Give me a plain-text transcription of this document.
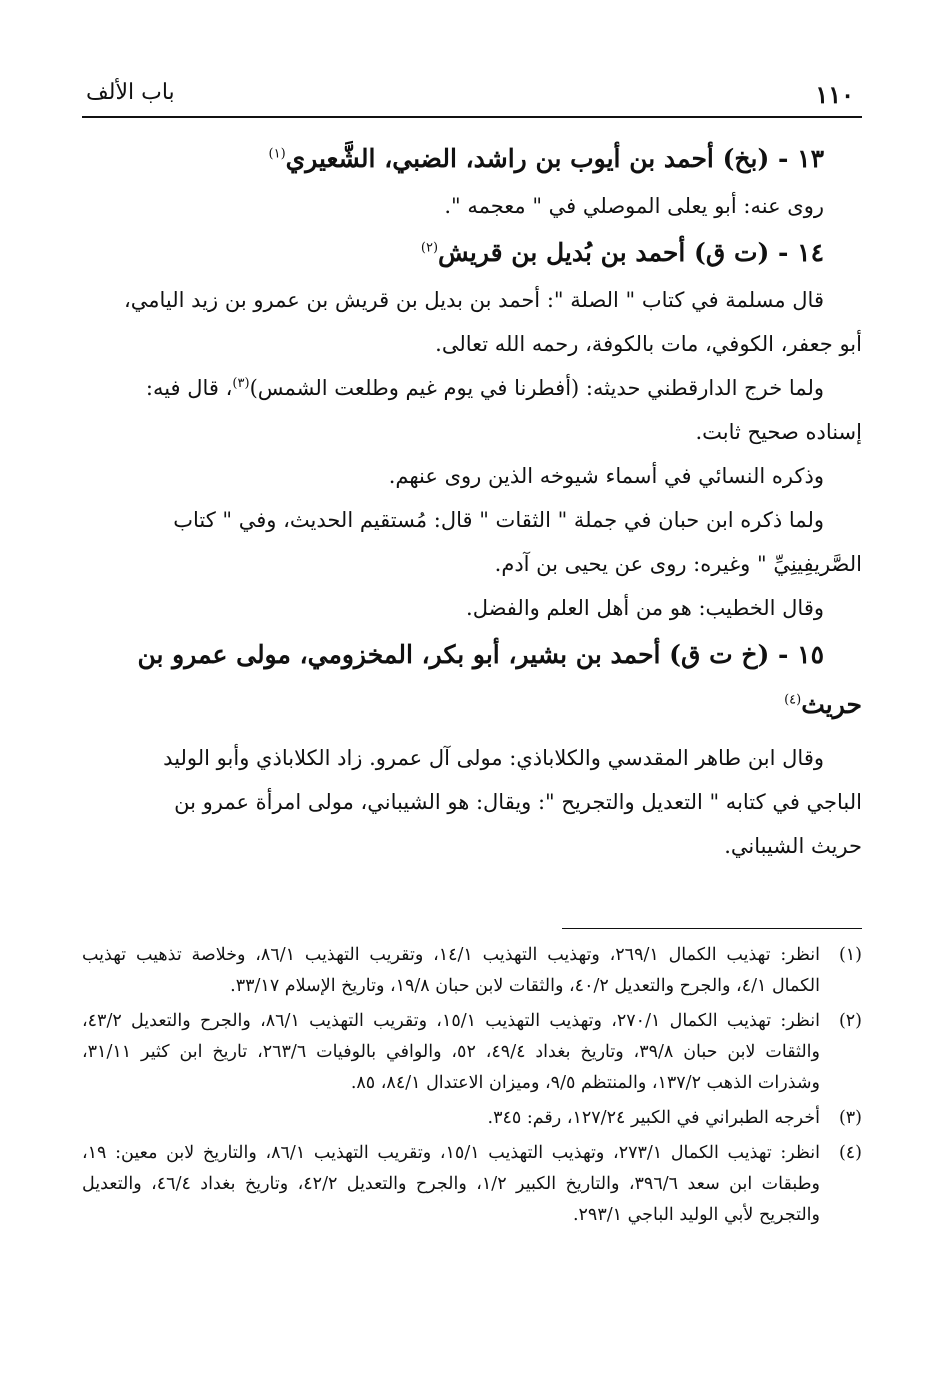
١١٠
باب الألف
١٣ - (بخ) أحمد بن أيوب بن راشد، الضبي، الشَّعيري$^{(١)}$
روى عنه: أبو يعلى الموصلي في " معجمه ".
١٤ - (ت ق) أحمد بن بُديل بن قريش$^{(٢)}$
قال مسلمة في كتاب " الصلة ": أحمد بن بديل بن قريش بن عمرو بن زيد اليامي،
أبو جعفر، الكوفي، مات بالكوفة، رحمه الله تعالى.
ولما خرج الدارقطني حديثه: (أفطرنا في يوم غيم وطلعت الشمس)$^{(٣)}$، قال فيه:
إسناده صحيح ثابت.
وذكره النسائي في أسماء شيوخه الذين روى عنهم.
ولما ذكره ابن حبان في جملة " الثقات " قال: مُستقيم الحديث، وفي " كتاب
الصَّريفِينِيِّ " وغيره: روى عن يحيى بن آدم.
وقال الخطيب: هو من أهل العلم والفضل.
١٥ - (خ ت ق) أحمد بن بشير، أبو بكر، المخزومي، مولى عمرو بن
حريث$^{(٤)}$
وقال ابن طاهر المقدسي والكلاباذي: مولى آل عمرو. زاد الكلاباذي وأبو الوليد
الباجي في كتابه " التعديل والتجريح ": ويقال: هو الشيباني، مولى امرأة عمرو بن
حريث الشيباني.
(١)
انظر: تهذيب الكمال ٢٦٩/١، وتهذيب التهذيب ١٤/١، وتقريب التهذيب ٨٦/١، وخلاصة تذهيب تهذيب الكمال ٤/١، والجرح والتعديل ٤٠/٢، والثقات لابن حبان ١٩/٨، وتاريخ الإسلام ٣٣/١٧.
(٢)
انظر: تهذيب الكمال ٢٧٠/١، وتهذيب التهذيب ١٥/١، وتقريب التهذيب ٨٦/١، والجرح والتعديل ٤٣/٢، والثقات لابن حبان ٣٩/٨، وتاريخ بغداد ٤٩/٤، ٥٢، والوافي بالوفيات ٢٦٣/٦، تاريخ ابن كثير ٣١/١١، وشذرات الذهب ١٣٧/٢، والمنتظم ٩/٥، وميزان الاعتدال ٨٤/١، ٨٥.
(٣)
أخرجه الطبراني في الكبير ١٢٧/٢٤، رقم: ٣٤٥.
(٤)
انظر: تهذيب الكمال ٢٧٣/١، وتهذيب التهذيب ١٥/١، وتقريب التهذيب ٨٦/١، والتاريخ لابن معين: ١٩، وطبقات ابن سعد ٣٩٦/٦، والتاريخ الكبير ١/٢، والجرح والتعديل ٤٢/٢، وتاريخ بغداد ٤٦/٤، والتعديل والتجريح لأبي الوليد الباجي ٢٩٣/١.
